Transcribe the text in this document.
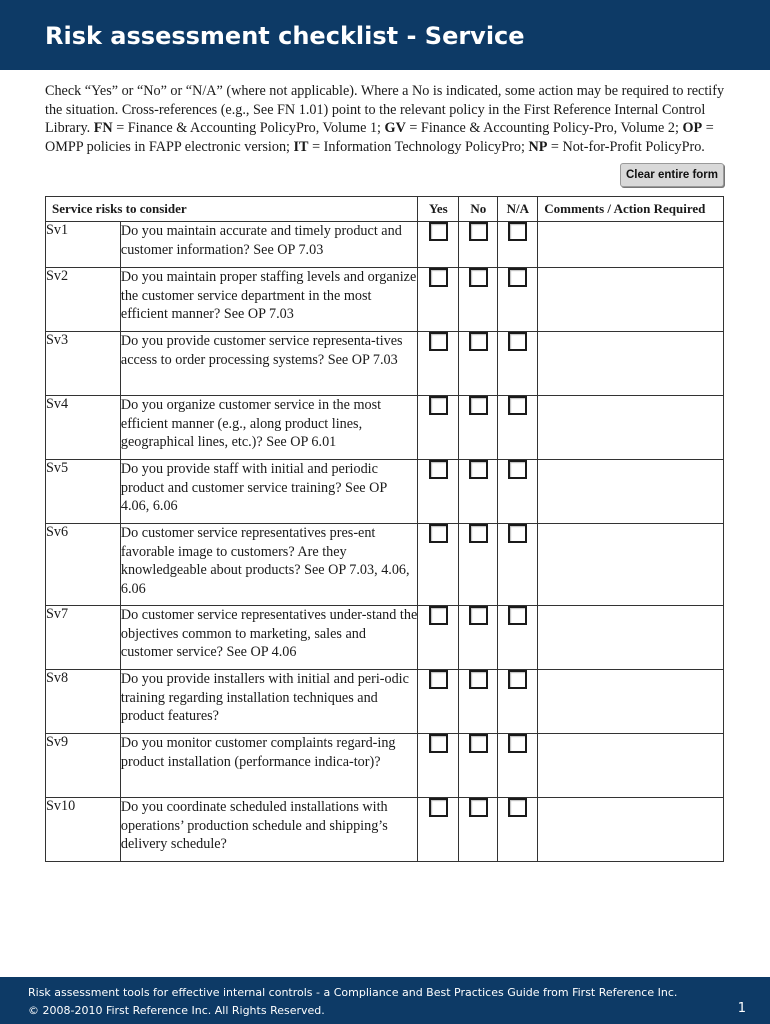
Risk assessment checklist - Service

Check “Yes” or “No” or “N/A” (where not applicable). Where a No is indicated, some action may be required to rectify the situation. Cross-references (e.g., See FN 1.01) point to the relevant policy in the First Reference Internal Control Library. FN = Finance & Accounting PolicyPro, Volume 1; GV = Finance & Accounting Policy-Pro, Volume 2; OP = OMPP policies in FAPP electronic version; IT = Information Technology PolicyPro; NP = Not-for-Profit PolicyPro.

Clear entire form
Service risks to consider		Yes	No	N/A	Comments / Action Required
Sv1	Do you maintain accurate and timely product and customer information? See OP 7.03				
Sv2	Do you maintain proper staffing levels and organize the customer service department in the most efficient manner? See OP 7.03				
Sv3	Do you provide customer service representa-tives access to order processing systems? See OP 7.03				
Sv4	Do you organize customer service in the most efficient manner (e.g., along product lines, geographical lines, etc.)? See OP 6.01				
Sv5	Do you provide staff with initial and periodic product and customer service training? See OP 4.06, 6.06				
Sv6	Do customer service representatives pres-ent favorable image to customers? Are they knowledgeable about products? See OP 7.03, 4.06, 6.06				
Sv7	Do customer service representatives under-stand the objectives common to marketing, sales and customer service? See OP 4.06				
Sv8	Do you provide installers with initial and peri-odic training regarding installation techniques and product features?				
Sv9	Do you monitor customer complaints regard-ing product installation (performance indica-tor)?				
Sv10	Do you coordinate scheduled installations with operations’ production schedule and shipping’s delivery schedule?				
Risk assessment tools for effective internal controls - a Compliance and Best Practices Guide from First Reference Inc.
© 2008-2010 First Reference Inc. All Rights Reserved.	1
